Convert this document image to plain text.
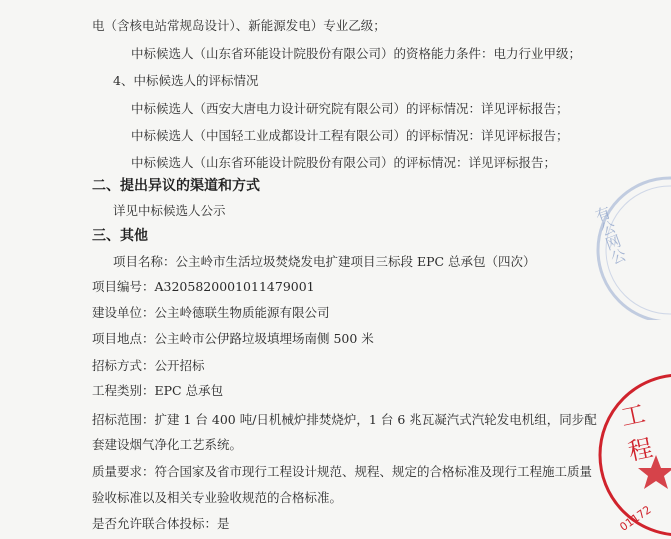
有公网公
工程
01172
电（含核电站常规岛设计）、新能源发电）专业乙级；
中标候选人（山东省环能设计院股份有限公司）的资格能力条件：电力行业甲级；
4、中标候选人的评标情况
中标候选人（西安大唐电力设计研究院有限公司）的评标情况：详见评标报告；
中标候选人（中国轻工业成都设计工程有限公司）的评标情况：详见评标报告；
中标候选人（山东省环能设计院股份有限公司）的评标情况：详见评标报告；
二、提出异议的渠道和方式
详见中标候选人公示
三、其他
项目名称：公主岭市生活垃圾焚烧发电扩建项目三标段 EPC 总承包（四次）
项目编号：A3205820001011479001
建设单位：公主岭德联生物质能源有限公司
项目地点：公主岭市公伊路垃圾填埋场南侧 500 米
招标方式：公开招标
工程类别：EPC 总承包
招标范围：扩建 1 台 400 吨/日机械炉排焚烧炉，1 台 6 兆瓦凝汽式汽轮发电机组，同步配
套建设烟气净化工艺系统。
质量要求：符合国家及省市现行工程设计规范、规程、规定的合格标准及现行工程施工质量
验收标准以及相关专业验收规范的合格标准。
是否允许联合体投标：是
